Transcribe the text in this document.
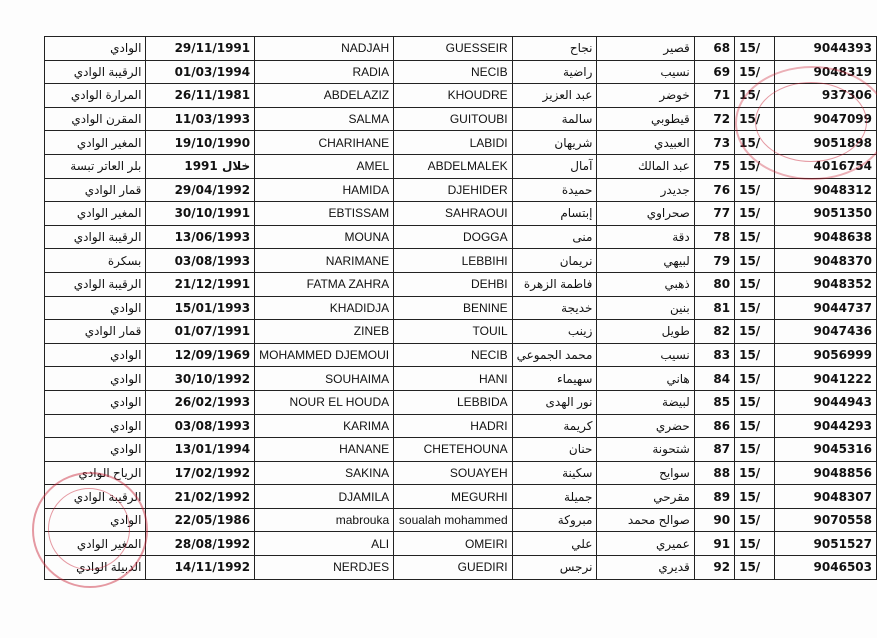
الوادي	29/11/1991	NADJAH	GUESSEIR	نجاح	قصير	68	15/	9044393
الرقيبة الوادي	01/03/1994	RADIA	NECIB	راضية	نسيب	69	15/	9048319
المرارة الوادي	26/11/1981	ABDELAZIZ	KHOUDRE	عبد العزيز	خوضر	71	15/	937306
المقرن الوادي	11/03/1993	SALMA	GUITOUBI	سالمة	قيطوبي	72	15/	9047099
المغير الوادي	19/10/1990	CHARIHANE	LABIDI	شريهان	العبيدي	73	15/	9051898
بلر العاتر تبسة	خلال 1991	AMEL	ABDELMALEK	آمال	عبد المالك	75	15/	4016754
قمار الوادي	29/04/1992	HAMIDA	DJEHIDER	حميدة	جديدر	76	15/	9048312
المغير الوادي	30/10/1991	EBTISSAM	SAHRAOUI	إبتسام	صحراوي	77	15/	9051350
الرقيبة الوادي	13/06/1993	MOUNA	DOGGA	منى	دقة	78	15/	9048638
بسكرة	03/08/1993	NARIMANE	LEBBIHI	نريمان	لبيهي	79	15/	9048370
الرقيبة الوادي	21/12/1991	FATMA ZAHRA	DEHBI	فاطمة الزهرة	ذهبي	80	15/	9048352
الوادي	15/01/1993	KHADIDJA	BENINE	خديجة	بنين	81	15/	9044737
قمار الوادي	01/07/1991	ZINEB	TOUIL	زينب	طويل	82	15/	9047436
الوادي	12/09/1969	MOHAMMED DJEMOUI	NECIB	محمد الجموعي	نسيب	83	15/	9056999
الوادي	30/10/1992	SOUHAIMA	HANI	سهيماء	هاني	84	15/	9041222
الوادي	26/02/1993	NOUR EL HOUDA	LEBBIDA	نور الهدى	لبيضة	85	15/	9044943
الوادي	03/08/1993	KARIMA	HADRI	كريمة	حضري	86	15/	9044293
الوادي	13/01/1994	HANANE	CHETEHOUNA	حنان	شتحونة	87	15/	9045316
الرياح الوادي	17/02/1992	SAKINA	SOUAYEH	سكينة	سوايح	88	15/	9048856
الرقيبة الوادي	21/02/1992	DJAMILA	MEGURHI	جميلة	مقرحي	89	15/	9048307
الوادي	22/05/1986	mabrouka	soualah mohammed	مبروكة	صوالح محمد	90	15/	9070558
المغير الوادي	28/08/1992	ALI	OMEIRI	علي	عميري	91	15/	9051527
الدبيلة الوادي	14/11/1992	NERDJES	GUEDIRI	نرجس	قديري	92	15/	9046503
